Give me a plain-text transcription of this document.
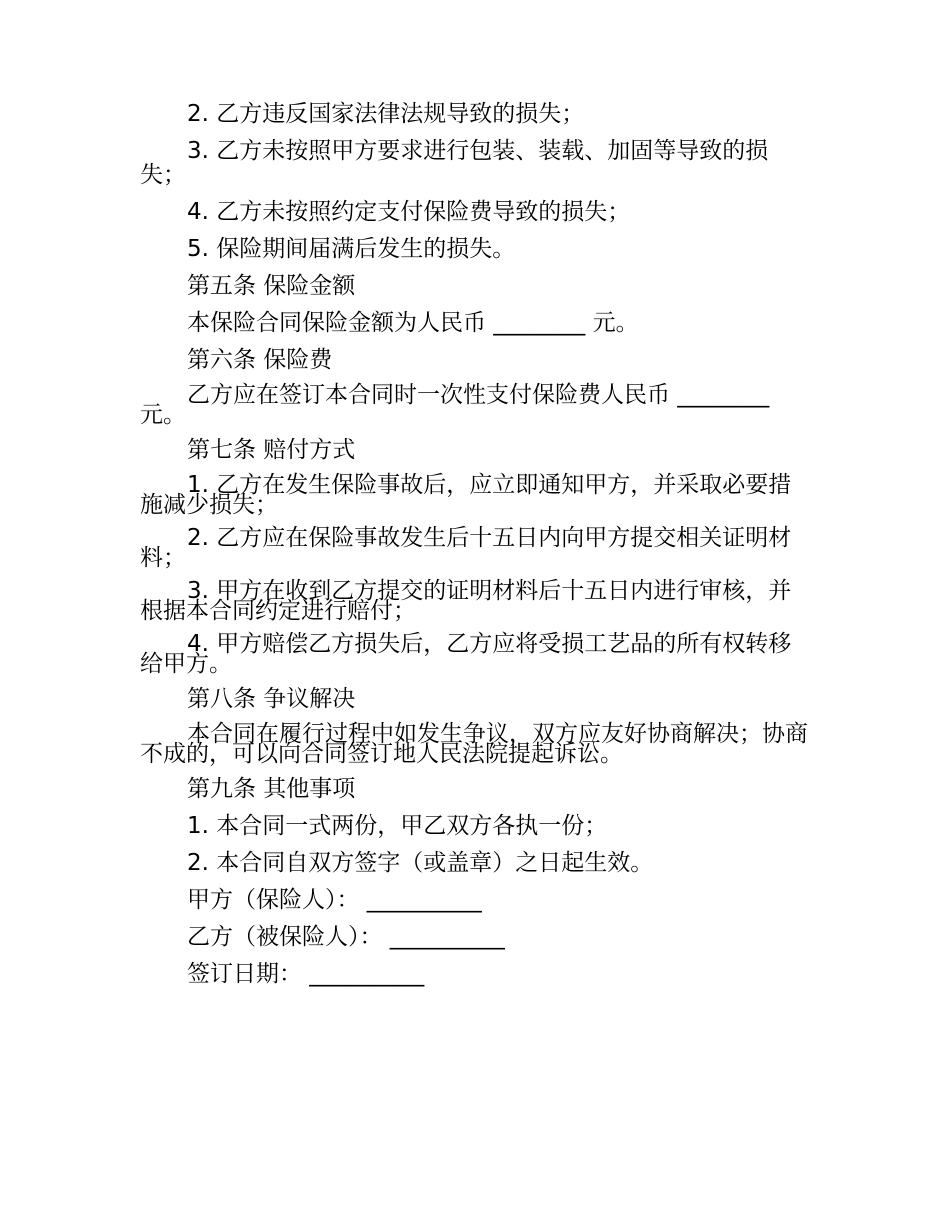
2. 乙方违反国家法律法规导致的损失；

3. 乙方未按照甲方要求进行包装、装载、加固等导致的损失；

4. 乙方未按照约定支付保险费导致的损失；

5. 保险期间届满后发生的损失。

第五条 保险金额

本保险合同保险金额为人民币 ________ 元。

第六条 保险费

乙方应在签订本合同时一次性支付保险费人民币 ________ 元。

第七条 赔付方式

1. 乙方在发生保险事故后，应立即通知甲方，并采取必要措施减少损失；

2. 乙方应在保险事故发生后十五日内向甲方提交相关证明材料；

3. 甲方在收到乙方提交的证明材料后十五日内进行审核，并根据本合同约定进行赔付；

4. 甲方赔偿乙方损失后，乙方应将受损工艺品的所有权转移给甲方。

第八条 争议解决

本合同在履行过程中如发生争议，双方应友好协商解决；协商不成的，可以向合同签订地人民法院提起诉讼。

第九条 其他事项

1. 本合同一式两份，甲乙双方各执一份；

2. 本合同自双方签字（或盖章）之日起生效。

甲方（保险人）： __________

乙方（被保险人）： __________

签订日期： __________
